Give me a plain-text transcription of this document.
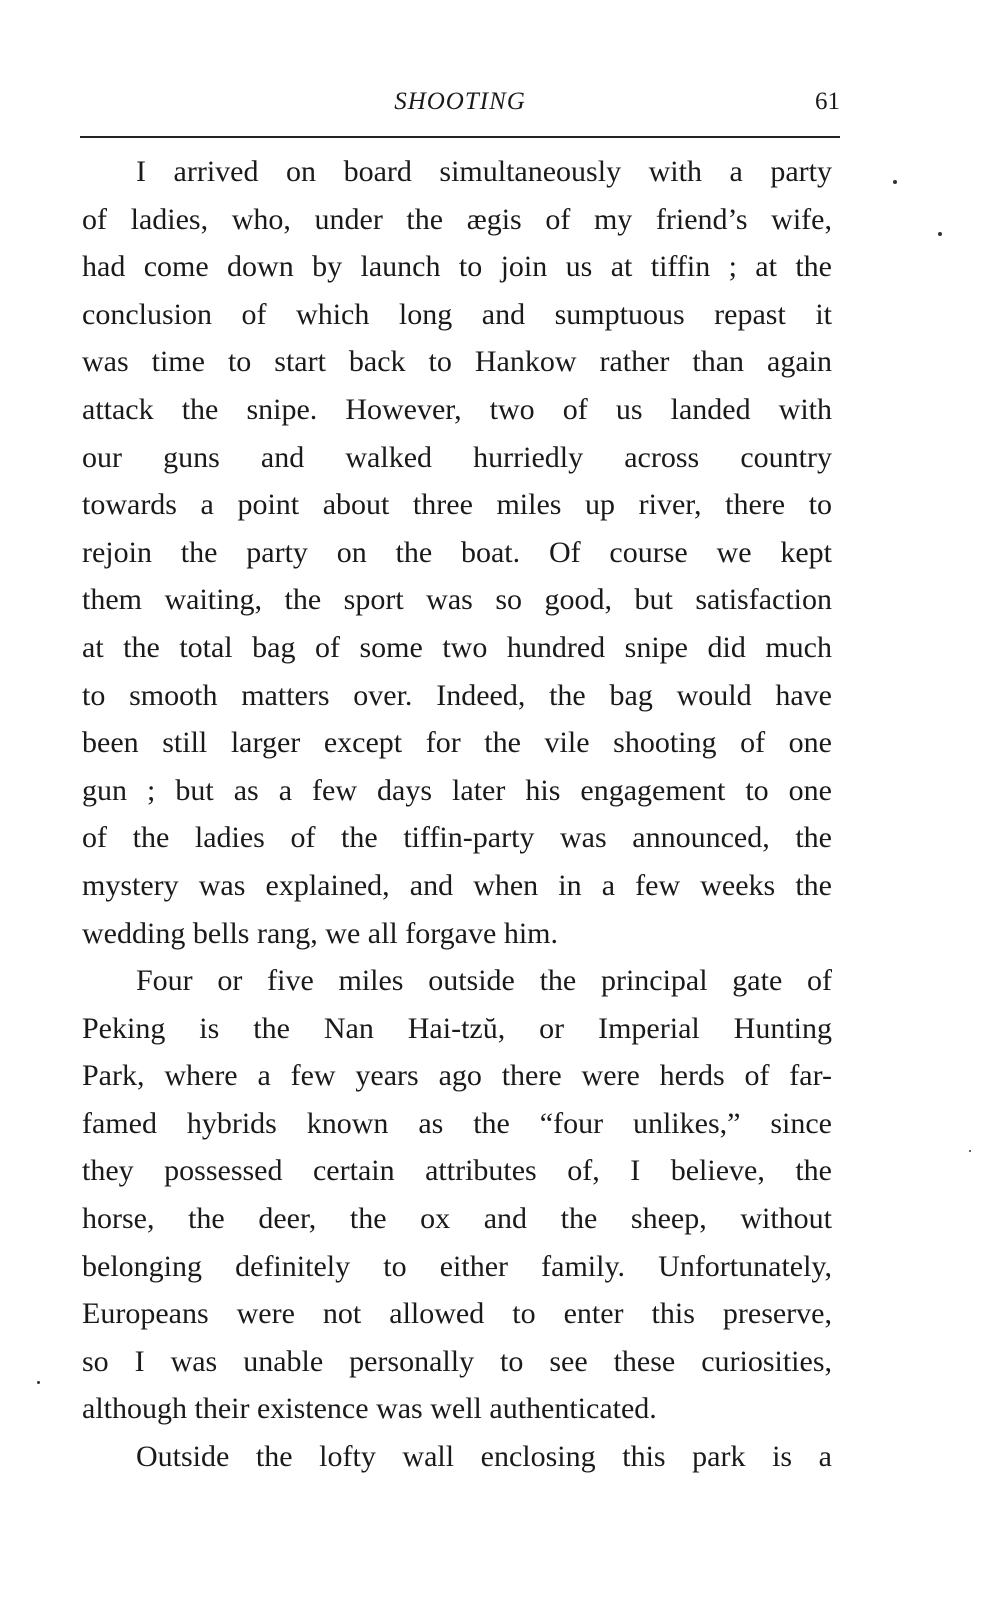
SHOOTING	61
I arrived on board simultaneously with a party
of ladies, who, under the ægis of my friend’s wife,
had come down by launch to join us at tiffin ; at the
conclusion of which long and sumptuous repast it
was time to start back to Hankow rather than again
attack the snipe. However, two of us landed with
our guns and walked hurriedly across country
towards a point about three miles up river, there to
rejoin the party on the boat. Of course we kept
them waiting, the sport was so good, but satisfaction
at the total bag of some two hundred snipe did much
to smooth matters over. Indeed, the bag would have
been still larger except for the vile shooting of one
gun ; but as a few days later his engagement to one
of the ladies of the tiffin-party was announced, the
mystery was explained, and when in a few weeks the
wedding bells rang, we all forgave him.
Four or five miles outside the principal gate of
Peking is the Nan Hai-tzŭ, or Imperial Hunting
Park, where a few years ago there were herds of far-
famed hybrids known as the “four unlikes,” since
they possessed certain attributes of, I believe, the
horse, the deer, the ox and the sheep, without
belonging definitely to either family. Unfortunately,
Europeans were not allowed to enter this preserve,
so I was unable personally to see these curiosities,
although their existence was well authenticated.
Outside the lofty wall enclosing this park is a
